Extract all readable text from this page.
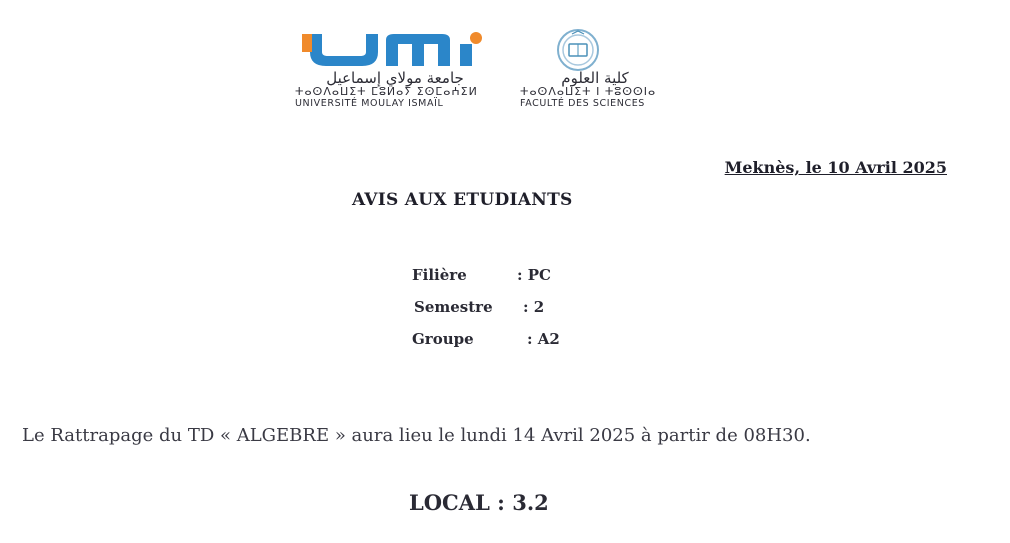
جامعة مولاي إسماعيل
ⵜⴰⵙⴷⴰⵡⵉⵜ ⵎⵓⵍⴰⵢ ⵉⵙⵎⴰⵄⵉⵍ
UNIVERSITÉ MOULAY ISMAÏL
كلية العلوم
ⵜⴰⵙⴷⴰⵡⵉⵜ ⵏ ⵜⵓⵙⵙⵏⴰ
FACULTÉ DES SCIENCES
Meknès, le 10 Avril 2025
AVIS AUX ETUDIANTS
Filière	: PC
Semestre : 2
Groupe	: A2
Le Rattrapage du TD « ALGEBRE » aura lieu le lundi 14 Avril 2025 à partir de 08H30.
LOCAL : 3.2
